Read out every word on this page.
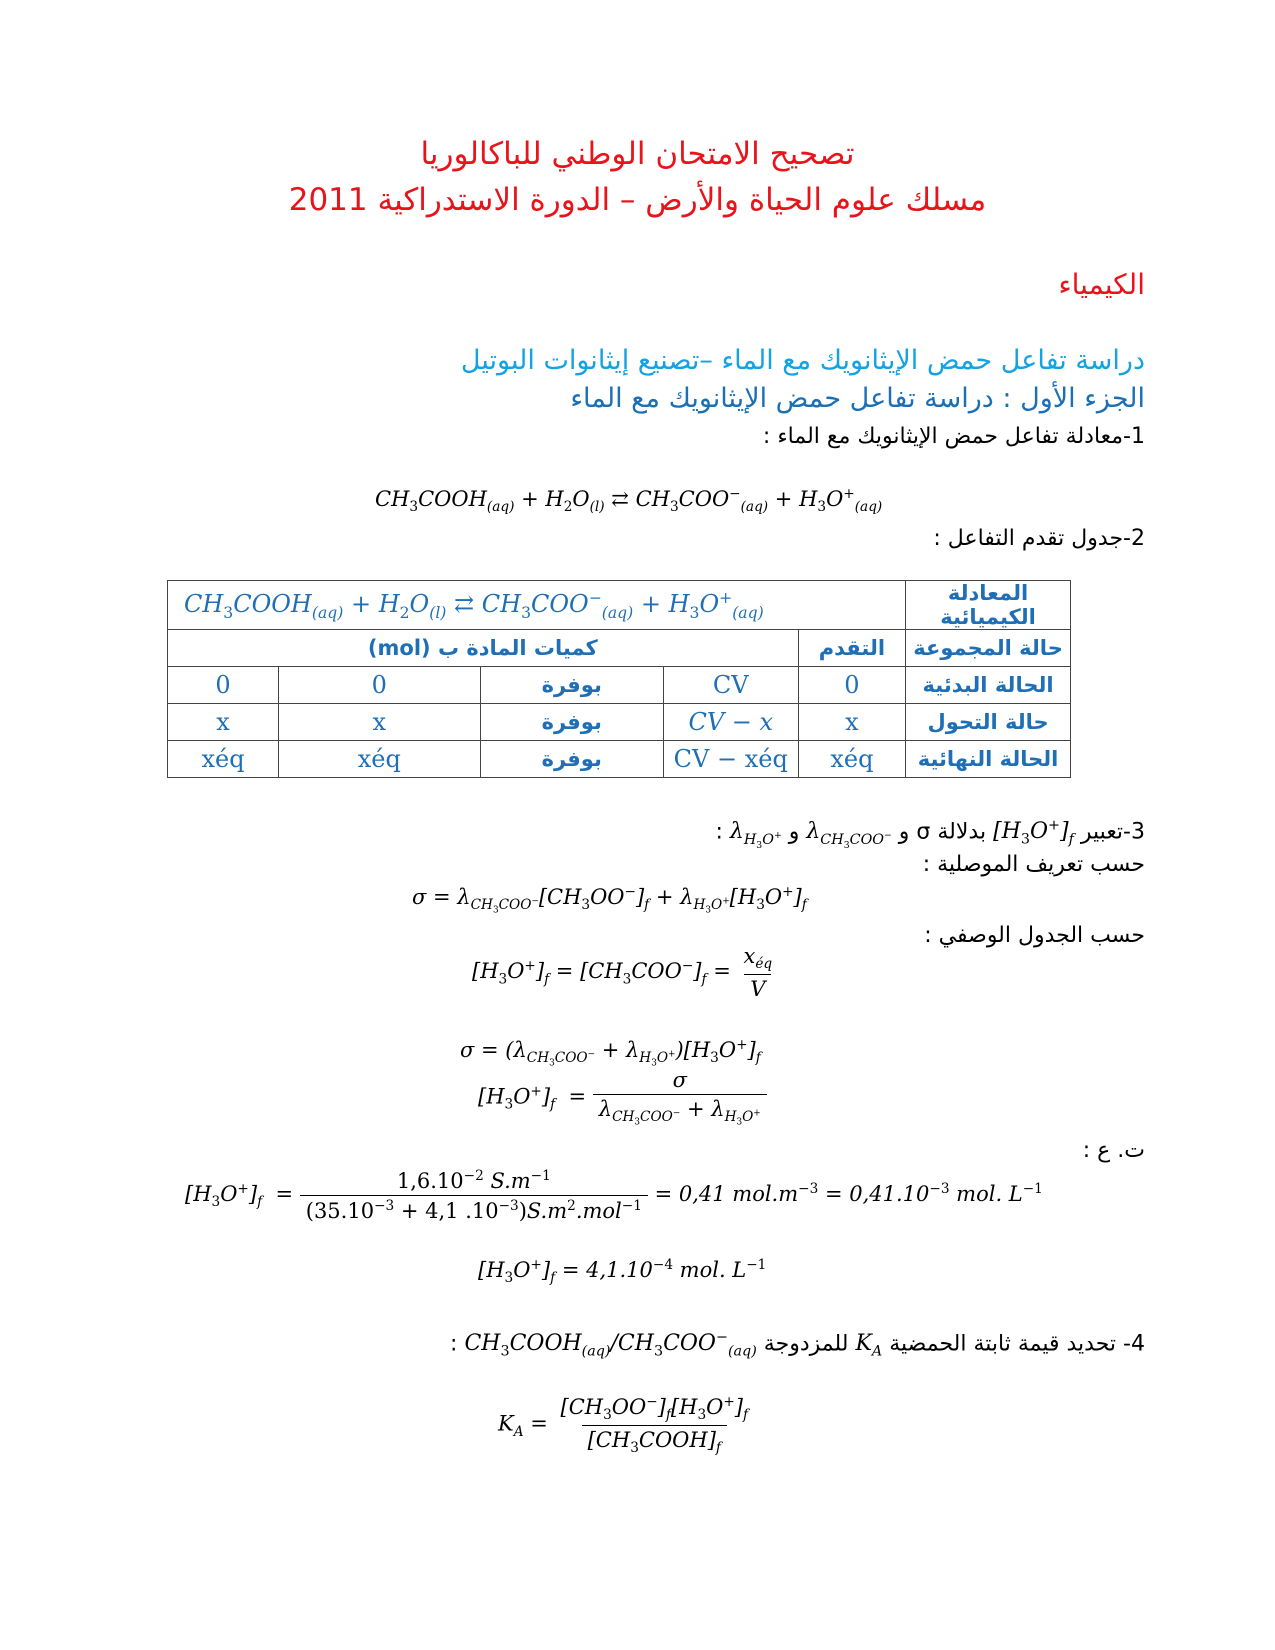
تصحيح الامتحان الوطني للباكالوريا
مسلك علوم الحياة والأرض – الدورة الاستدراكية 2011
الكيمياء
دراسة تفاعل حمض الإيثانويك مع الماء –تصنيع إيثانوات البوتيل
الجزء الأول : دراسة تفاعل حمض الإيثانويك مع الماء
1-معادلة تفاعل حمض الإيثانويك مع الماء :
$CH_3COOH_{(aq)} + H_2O_{(l)}$ ⇄ $CH_3COO^-_{(aq)} + H_3O^+_{(aq)}$
2-جدول تقدم التفاعل :
$CH_3COOH_{(aq)} + H_2O_{(l)}$ ⇄ $CH_3COO^-_{(aq)} + H_3O^+_{(aq)}$					المعادلة الكيميائية
كميات المادة ب (mol)				التقدم	حالة المجموعة
0	0	بوفرة	CV	0	الحالة البدئية
x	x	بوفرة	CV − x	x	حالة التحول
xéq	xéq	بوفرة	CV − xéq	xéq	الحالة النهائية
3-تعبير $[H_3O^+]_f$ بدلالة σ و $\lambda_{CH_3COO^-}$ و $\lambda_{H_3O^+}$ :
حسب تعريف الموصلية :
$\sigma = \lambda_{CH_3COO^-}[CH_3OO^-]_f + \lambda_{H_3O^+}[H_3O^+]_f$
حسب الجدول الوصفي :
$[H_3O^+]_f = [CH_3COO^-]_f = \frac{x_{éq}}{V}$
$\sigma = (\lambda_{CH_3COO^-} + \lambda_{H_3O^+})[H_3O^+]_f$
$[H_3O^+]_f = \frac{\sigma}{\lambda_{CH_3COO^-} + \lambda_{H_3O^+}}$
ت. ع :
$[H_3O^+]_f = \frac{1,6.10^{-2} S.m^{-1}}{(35.10^{-3} + 4,1 .10^{-3})S.m^2.mol^{-1}} = 0,41$ $mol.m^{-3} = 0,41.10^{-3}$ mol. $L^{-1}$
$[H_3O^+]_f = 4,1.10^{-4}$ mol. $L^{-1}$
4- تحديد قيمة ثابتة الحمضية $K_A$ للمزدوجة $CH_3COOH_{(aq)}/CH_3COO^-_{(aq)}$ :
$K_A = \frac{[CH_3OO^-]_f[H_3O^+]_f}{[CH_3COOH]_f}$
